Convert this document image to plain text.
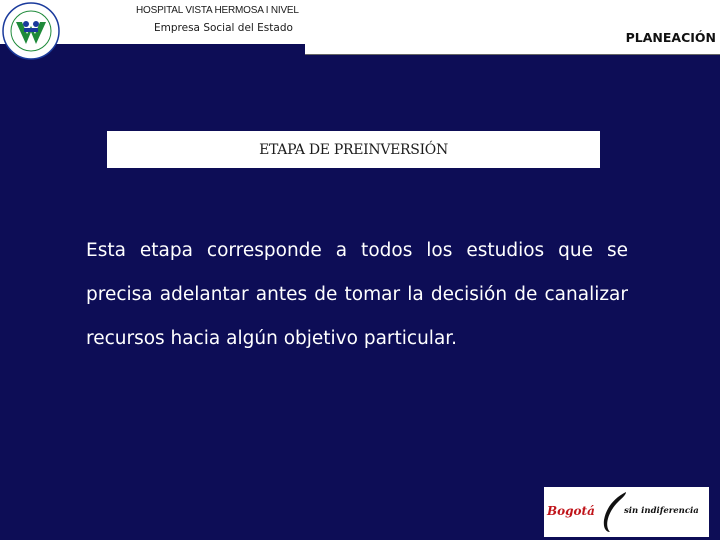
HOSPITAL VISTA HERMOSA I NIVEL
Empresa Social del Estado
PLANEACIÓN
ETAPA DE PREINVERSIÓN
Esta etapa corresponde a todos los estudios que se precisa adelantar antes de tomar la decisión de canalizar recursos hacia algún objetivo particular.
Bogotá	sin indiferencia
